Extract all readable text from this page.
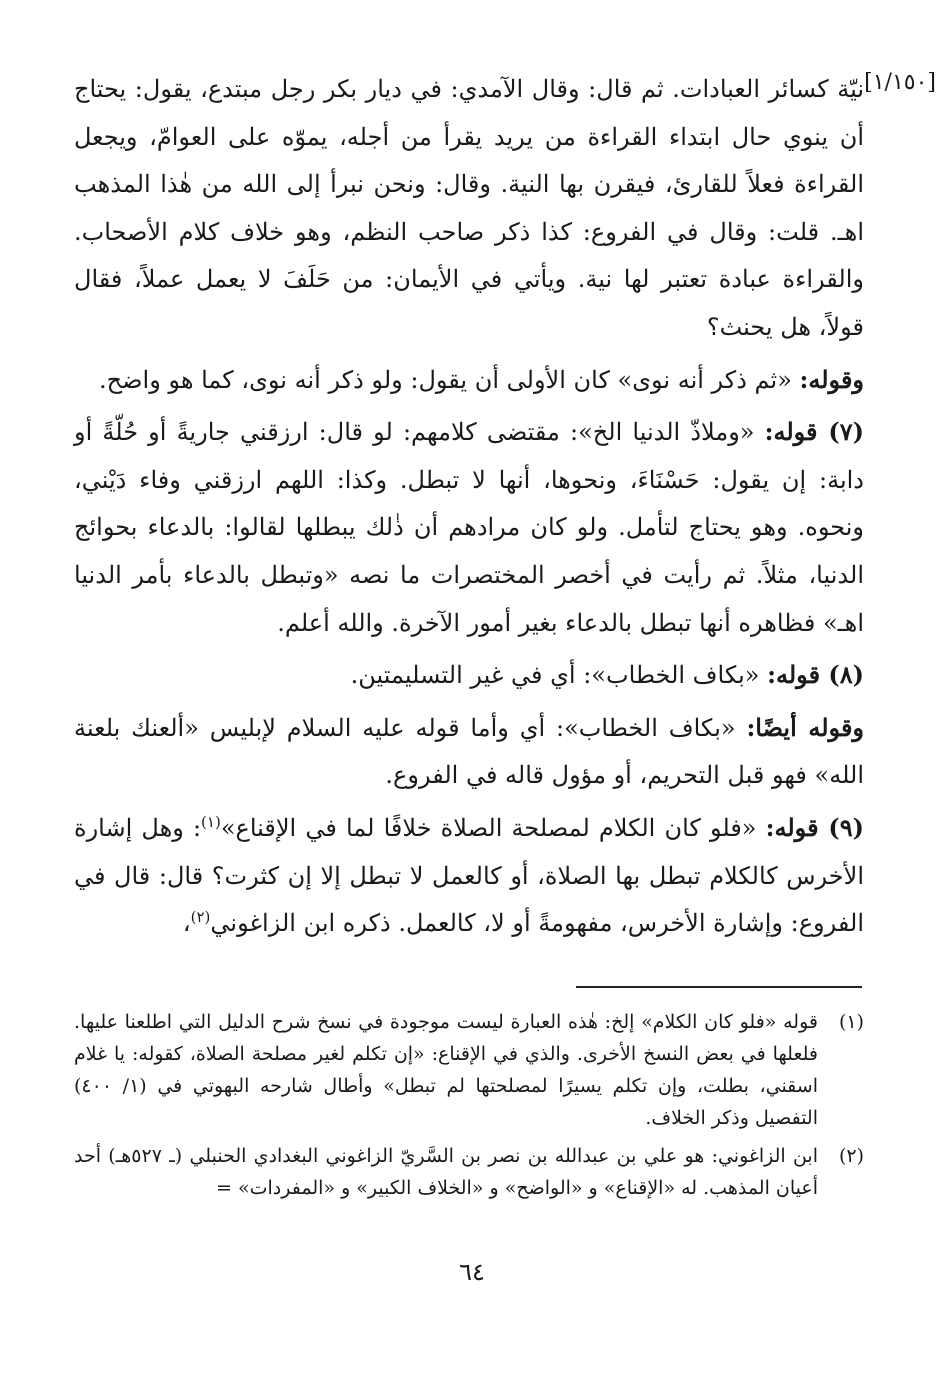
[١/١٥٠]

نيّة كسائر العبادات. ثم قال: وقال الآمدي: في ديار بكر رجل مبتدع، يقول: يحتاج أن ينوي حال ابتداء القراءة من يريد يقرأ من أجله، يموّه على العوامّ، ويجعل القراءة فعلاً للقارئ، فيقرن بها النية. وقال: ونحن نبرأ إلى الله من هٰذا المذهب اهـ. قلت: وقال في الفروع: كذا ذكر صاحب النظم، وهو خلاف كلام الأصحاب. والقراءة عبادة تعتبر لها نية. ويأتي في الأيمان: من حَلَفَ لا يعمل عملاً، فقال قولاً، هل يحنث؟

وقوله: «ثم ذكر أنه نوى» كان الأولى أن يقول: ولو ذكر أنه نوى، كما هو واضح.

(٧) قوله: «وملاذّ الدنيا الخ»: مقتضى كلامهم: لو قال: ارزقني جاريةً أو حُلّةً أو دابة: إن يقول: حَسْنَاءَ، ونحوها، أنها لا تبطل. وكذا: اللهم ارزقني وفاء دَيْني، ونحوه. وهو يحتاج لتأمل. ولو كان مرادهم أن ذٰلك يبطلها لقالوا: بالدعاء بحوائج الدنيا، مثلاً. ثم رأيت في أخصر المختصرات ما نصه «وتبطل بالدعاء بأمر الدنيا اهـ» فظاهره أنها تبطل بالدعاء بغير أمور الآخرة. والله أعلم.

(٨) قوله: «بكاف الخطاب»: أي في غير التسليمتين.

وقوله أيضًا: «بكاف الخطاب»: أي وأما قوله عليه السلام لإبليس «ألعنك بلعنة الله» فهو قبل التحريم، أو مؤول قاله في الفروع.

(٩) قوله: «فلو كان الكلام لمصلحة الصلاة خلافًا لما في الإقناع»$^{(١)}$: وهل إشارة الأخرس كالكلام تبطل بها الصلاة، أو كالعمل لا تبطل إلا إن كثرت؟ قال: قال في الفروع: وإشارة الأخرس، مفهومةً أو لا، كالعمل. ذكره ابن الزاغوني$^{(٢)}$،

(١)
قوله «فلو كان الكلام» إلخ: هٰذه العبارة ليست موجودة في نسخ شرح الدليل التي اطلعنا عليها. فلعلها في بعض النسخ الأخرى. والذي في الإقناع: «إن تكلم لغير مصلحة الصلاة، كقوله: يا غلام اسقني، بطلت، وإن تكلم يسيرًا لمصلحتها لم تبطل» وأطال شارحه البهوتي في (١/ ٤٠٠) التفصيل وذكر الخلاف.
(٢)
ابن الزاغوني: هو علي بن عبدالله بن نصر بن السَّريّ الزاغوني البغدادي الحنبلي (ـ ٥٢٧هـ) أحد أعيان المذهب. له «الإقناع» و «الواضح» و «الخلاف الكبير» و «المفردات» =
٦٤
